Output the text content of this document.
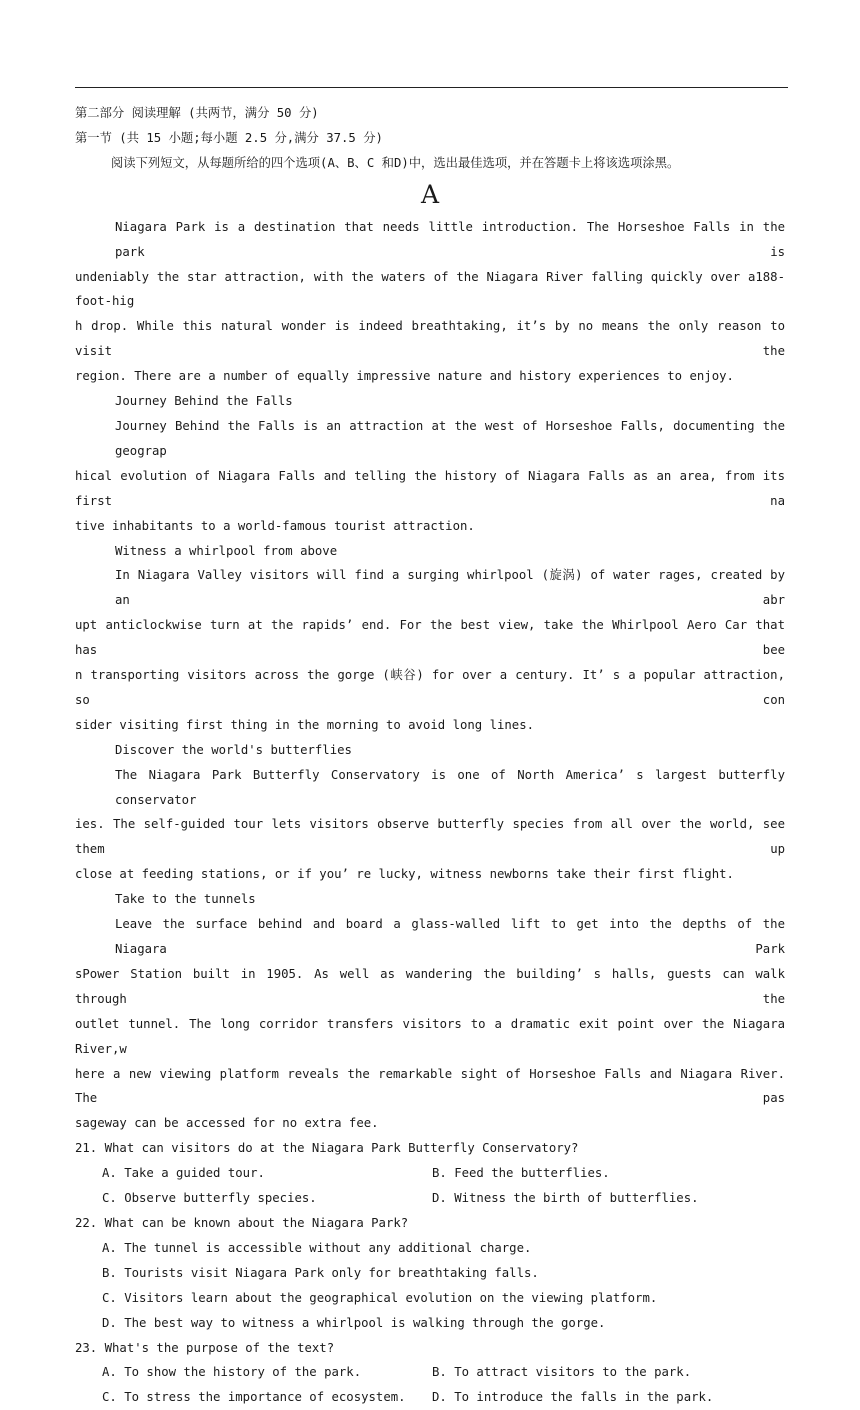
第二部分 阅读理解 (共两节，满分 50 分)
第一节 (共 15 小题;每小题 2.5 分,满分 37.5 分)
阅读下列短文，从每题所给的四个选项(A、B、C 和D)中，选出最佳选项，并在答题卡上将该选项涂黑。
A
Niagara Park is a destination that needs little introduction. The Horseshoe Falls in the park is
undeniably the star attraction, with the waters of the Niagara River falling quickly over a188-foot-hig
h drop. While this natural wonder is indeed breathtaking, it’s by no means the only reason to visit the
region. There are a number of equally impressive nature and history experiences to enjoy.
Journey Behind the Falls
Journey Behind the Falls is an attraction at the west of Horseshoe Falls, documenting the geograp
hical evolution of Niagara Falls and telling the history of Niagara Falls as an area, from its first na
tive inhabitants to a world-famous tourist attraction.
Witness a whirlpool from above
In Niagara Valley visitors will find a surging whirlpool (旋涡) of water rages, created by an abr
upt anticlockwise turn at the rapids’ end. For the best view, take the Whirlpool Aero Car that has bee
n transporting visitors across the gorge (峡谷) for over a century. It’ s a popular attraction, so con
sider visiting first thing in the morning to avoid long lines.
Discover the world's butterflies
The Niagara Park Butterfly Conservatory is one of North America’ s largest butterfly conservator
ies. The self-guided tour lets visitors observe butterfly species from all over the world, see them up
close at feeding stations, or if you’ re lucky, witness newborns take their first flight.
Take to the tunnels
Leave the surface behind and board a glass-walled lift to get into the depths of the Niagara Park
sPower Station built in 1905. As well as wandering the building’ s halls, guests can walk through the
outlet tunnel. The long corridor transfers visitors to a dramatic exit point over the Niagara River,w
here a new viewing platform reveals the remarkable sight of Horseshoe Falls and Niagara River. The pas
sageway can be accessed for no extra fee.
21. What can visitors do at the Niagara Park Butterfly Conservatory?
A. Take a guided tour.	B. Feed the butterflies.
C. Observe butterfly species.	D. Witness the birth of butterflies.
22. What can be known about the Niagara Park?
A. The tunnel is accessible without any additional charge.
B. Tourists visit Niagara Park only for breathtaking falls.
C. Visitors learn about the geographical evolution on the viewing platform.
D. The best way to witness a whirlpool is walking through the gorge.
23. What's the purpose of the text?
A. To show the history of the park.	B. To attract visitors to the park.
C. To stress the importance of ecosystem.	D. To introduce the falls in the park.
